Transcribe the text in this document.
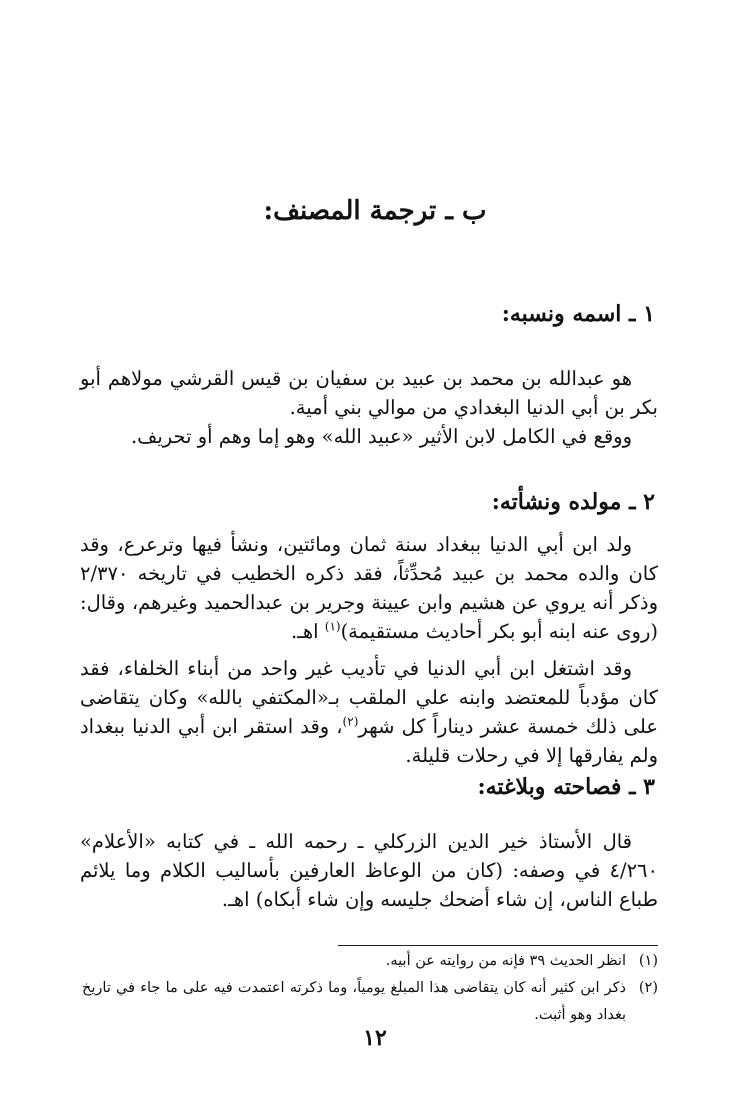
ب ـ ترجمة المصنف:
١ ـ اسمه ونسبه:

هو عبدالله بن محمد بن عبيد بن سفيان بن قيس القرشي مولاهم أبو بكر بن أبي الدنيا البغدادي من موالي بني أمية.

ووقع في الكامل لابن الأثير «عبيد الله» وهو إما وهم أو تحريف.

٢ ـ مولده ونشأته:

ولد ابن أبي الدنيا ببغداد سنة ثمان ومائتين، ونشأ فيها وترعرع، وقد كان والده محمد بن عبيد مُحدِّثاً، فقد ذكره الخطيب في تاريخه ٢/٣٧٠ وذكر أنه يروي عن هشيم وابن عيينة وجرير بن عبدالحميد وغيرهم، وقال: (روى عنه ابنه أبو بكر أحاديث مستقيمة)$^{(١)}$ اهـ.

وقد اشتغل ابن أبي الدنيا في تأديب غير واحد من أبناء الخلفاء، فقد كان مؤدباً للمعتضد وابنه علي الملقب بـ«المكتفي بالله» وكان يتقاضى على ذلك خمسة عشر ديناراً كل شهر$^{(٢)}$، وقد استقر ابن أبي الدنيا ببغداد ولم يفارقها إلا في رحلات قليلة.

٣ ـ فصاحته وبلاغته:

قال الأستاذ خير الدين الزركلي ـ رحمه الله ـ في كتابه «الأعلام» ٤/٢٦٠ في وصفه: (كان من الوعاظ العارفين بأساليب الكلام وما يلائم طباع الناس، إن شاء أضحك جليسه وإن شاء أبكاه) اهـ.

(١)
انظر الحديث ٣٩ فإنه من روايته عن أبيه.
(٢)
ذكر ابن كثير أنه كان يتقاضى هذا المبلغ يومياً، وما ذكرته اعتمدت فيه على ما جاء في تاريخ بغداد وهو أثبت.
١٢
